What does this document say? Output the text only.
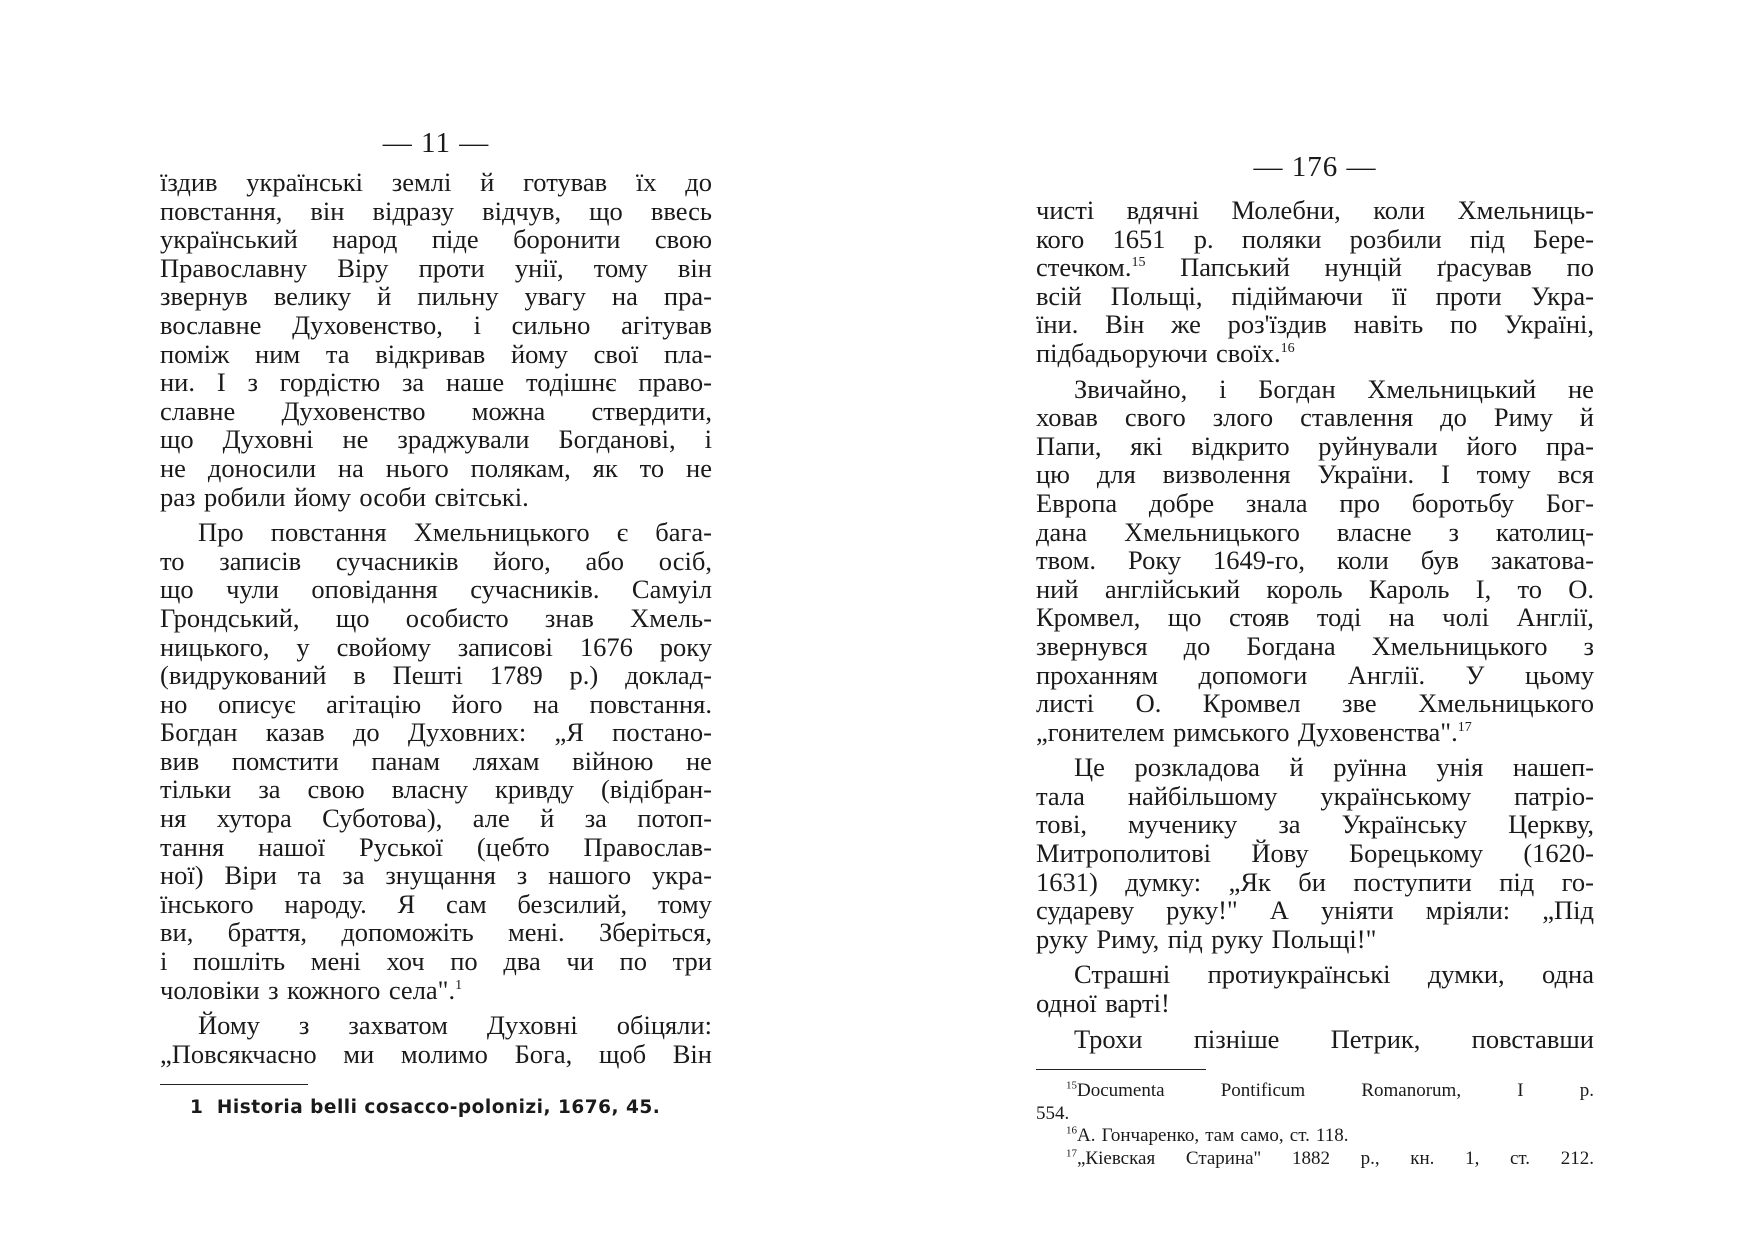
— 11 —
їздив українські землі й готував їх до
повстання, він відразу відчув, що ввесь
український народ піде боронити свою
Православну Віру проти унії, тому він
звернув велику й пильну увагу на пра-
вославне Духовенство, і сильно агітував
поміж ним та відкривав йому свої пла-
ни. І з гордістю за наше тодішнє право-
славне Духовенство можна ствердити,
що Духовні не зраджували Богданові, і
не доносили на нього полякам, як то не
раз робили йому особи світські.
Про повстання Хмельницького є бага-
то записів сучасників його, або осіб,
що чули оповідання сучасників. Самуіл
Грондський, що особисто знав Хмель-
ницького, у свойому записові 1676 року
(видрукований в Пешті 1789 р.) доклад-
но описує агітацію його на повстання.
Богдан казав до Духовних: „Я постано-
вив помстити панам ляхам війною не
тільки за свою власну кривду (відібран-
ня хутора Суботова), але й за потоп-
тання нашої Руської (цебто Православ-
ної) Віри та за знущання з нашого укра-
їнського народу. Я сам безсилий, тому
ви, браття, допоможіть мені. Зберіться,
і пошліть мені хоч по два чи по три
чоловіки з кожного села".$^1$
Йому з захватом Духовні обіцяли:
„Повсякчасно ми молимо Бога, щоб Він
1 Historia belli cosacco-polonizi, 1676, 45.
— 176 —
чисті вдячні Молебни, коли Хмельниць-
кого 1651 р. поляки розбили під Бере-
стечком.$^{15}$ Папський нунцій ґрасував по
всій Польщі, підіймаючи її проти Укра-
їни. Він же роз'їздив навіть по Україні,
підбадьоруючи своїх.$^{16}$
Звичайно, і Богдан Хмельницький не
ховав свого злого ставлення до Риму й
Папи, які відкрито руйнували його пра-
цю для визволення України. І тому вся
Европа добре знала про боротьбу Бог-
дана Хмельницького власне з католиц-
твом. Року 1649-го, коли був закатова-
ний англійський король Кароль І, то О.
Кромвел, що стояв тоді на чолі Англії,
звернувся до Богдана Хмельницького з
проханням допомоги Англії. У цьому
листі О. Кромвел зве Хмельницького
„гонителем римського Духовенства".$^{17}$
Це розкладова й руїнна унія нашеп-
тала найбільшому українському патріо-
тові, мученику за Українську Церкву,
Митрополитові Йову Борецькому (1620-
1631) думку: „Як би поступити під го-
судареву руку!" А уніяти мріяли: „Під
руку Риму, під руку Польщі!"
Страшні протиукраїнські думки, одна
одної варті!
Трохи пізніше Петрик, повставши
$^{15}$Documenta	Pontificum	Romanorum,	I	р.
554.
$^{16}$А. Гончаренко, там само, ст. 118.
$^{17}$„Кіевская Старина" 1882 р., кн. 1, ст. 212.
